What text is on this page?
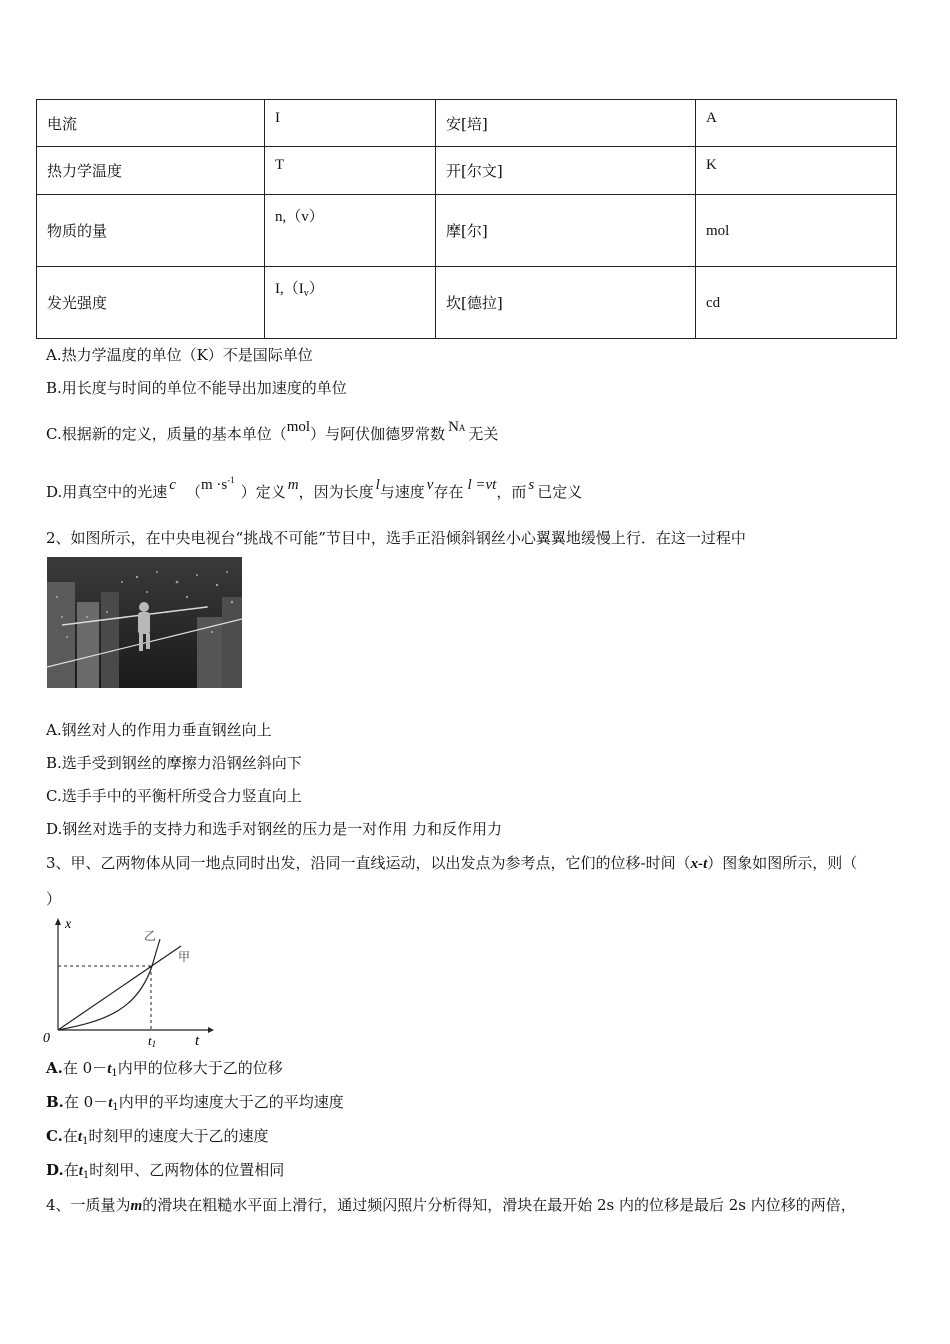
电流	I	安[培]	A
热力学温度	T	开[尔文]	K
物质的量	n,（v）	摩[尔]	mol
发光强度	$I,(I_v)$	坎[德拉]	cd
A.热力学温度的单位（K）不是国际单位
B.用长度与时间的单位不能导出加速度的单位
C.根据新的定义，质量的基本单位（mol）与阿伏伽德罗常数 NA 无关
D.用真空中的光速 c $(m \cdot s^{-1})$定义 m，因为长度 l与速度 v存在 l =vt，而 s 已定义
2、如图所示，在中央电视台“挑战不可能”节目中，选手正沿倾斜钢丝小心翼翼地缓慢上行．在这一过程中
A.钢丝对人的作用力垂直钢丝向上
B.选手受到钢丝的摩擦力沿钢丝斜向下
C.选手手中的平衡杆所受合力竖直向上
D.钢丝对选手的支持力和选手对钢丝的压力是一对作用 力和反作用力
3、甲、乙两物体从同一地点同时出发，沿同一直线运动，以出发点为参考点，它们的位移-时间（x-t）图象如图所示，则（
）
x
t
0	t1
甲
乙
A.在 $0-t_1$内甲的位移大于乙的位移
B.在 $0-t_1$内甲的平均速度大于乙的平均速度
C.在$t_1$时刻甲的速度大于乙的速度
D.在$t_1$时刻甲、乙两物体的位置相同
4、一质量为m的滑块在粗糙水平面上滑行，通过频闪照片分析得知，滑块在最开始 2s 内的位移是最后 2s 内位移的两倍，
